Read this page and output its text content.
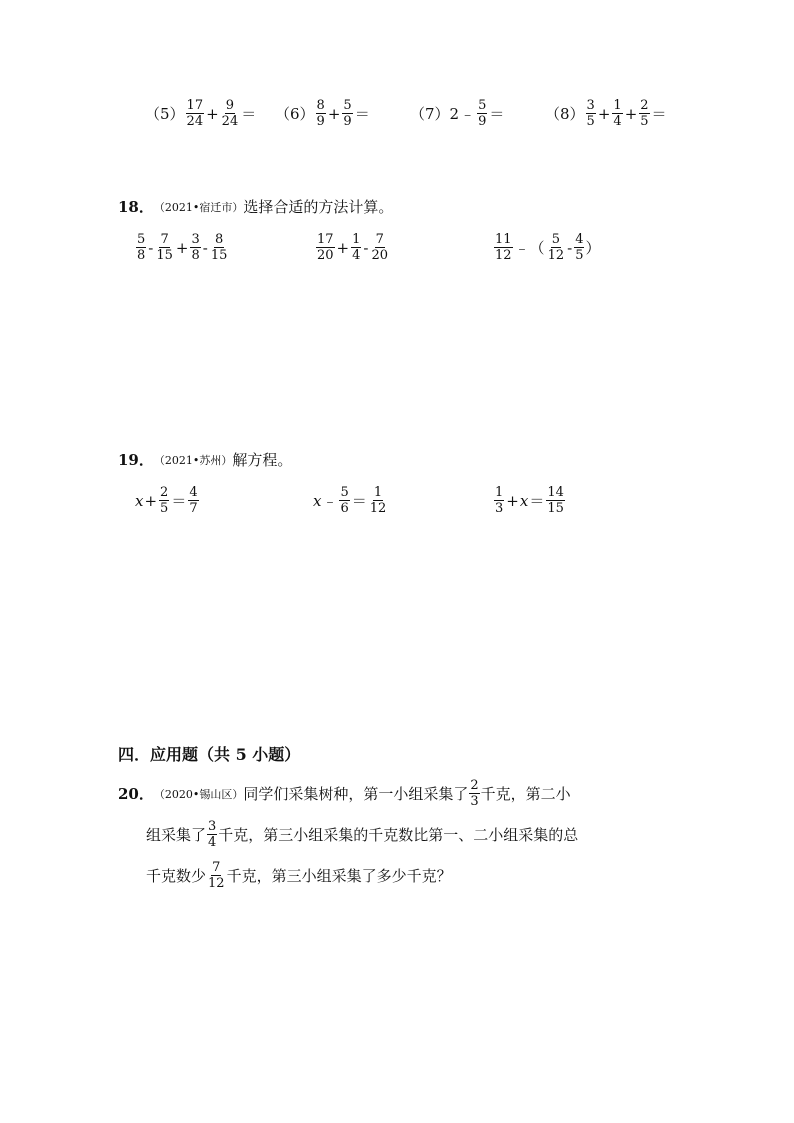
$(5) \frac{17}{24} + \frac{9}{24} = (6) \frac{8}{9} + \frac{5}{9}$ ＝	（7） 2 ﹣ $\frac{5}{9}$ ＝	$(8) \frac{3}{5} + \frac{1}{4} + \frac{2}{5}$ ＝
18． （2021•宿迁市） 选择合适的方法计算。
$\frac{5}{8} - \frac{7}{15} + \frac{3}{8} - \frac{8}{15}$	$\frac{17}{20} + \frac{1}{4} - \frac{7}{20}$	$\frac{11}{12}$ ﹣（ $\frac{5}{12} - \frac{4}{5}$ ）
19． （2021•苏州） 解方程。
$x + \frac{2}{5} = \frac{4}{7}$	x ﹣ $\frac{5}{6} = \frac{1}{12}$	$\frac{1}{3} + x = \frac{14}{15}$
四．应用题（共 5 小题）
20． （2020•锡山区） 同学们采集树种，第一小组采集了 $\frac{2}{3}$ 千克，第二小
组采集了 $\frac{3}{4}$ 千克，第三小组采集的千克数比第一、二小组采集的总
千克数少 $\frac{7}{12}$ 千克，第三小组采集了多少千克？
